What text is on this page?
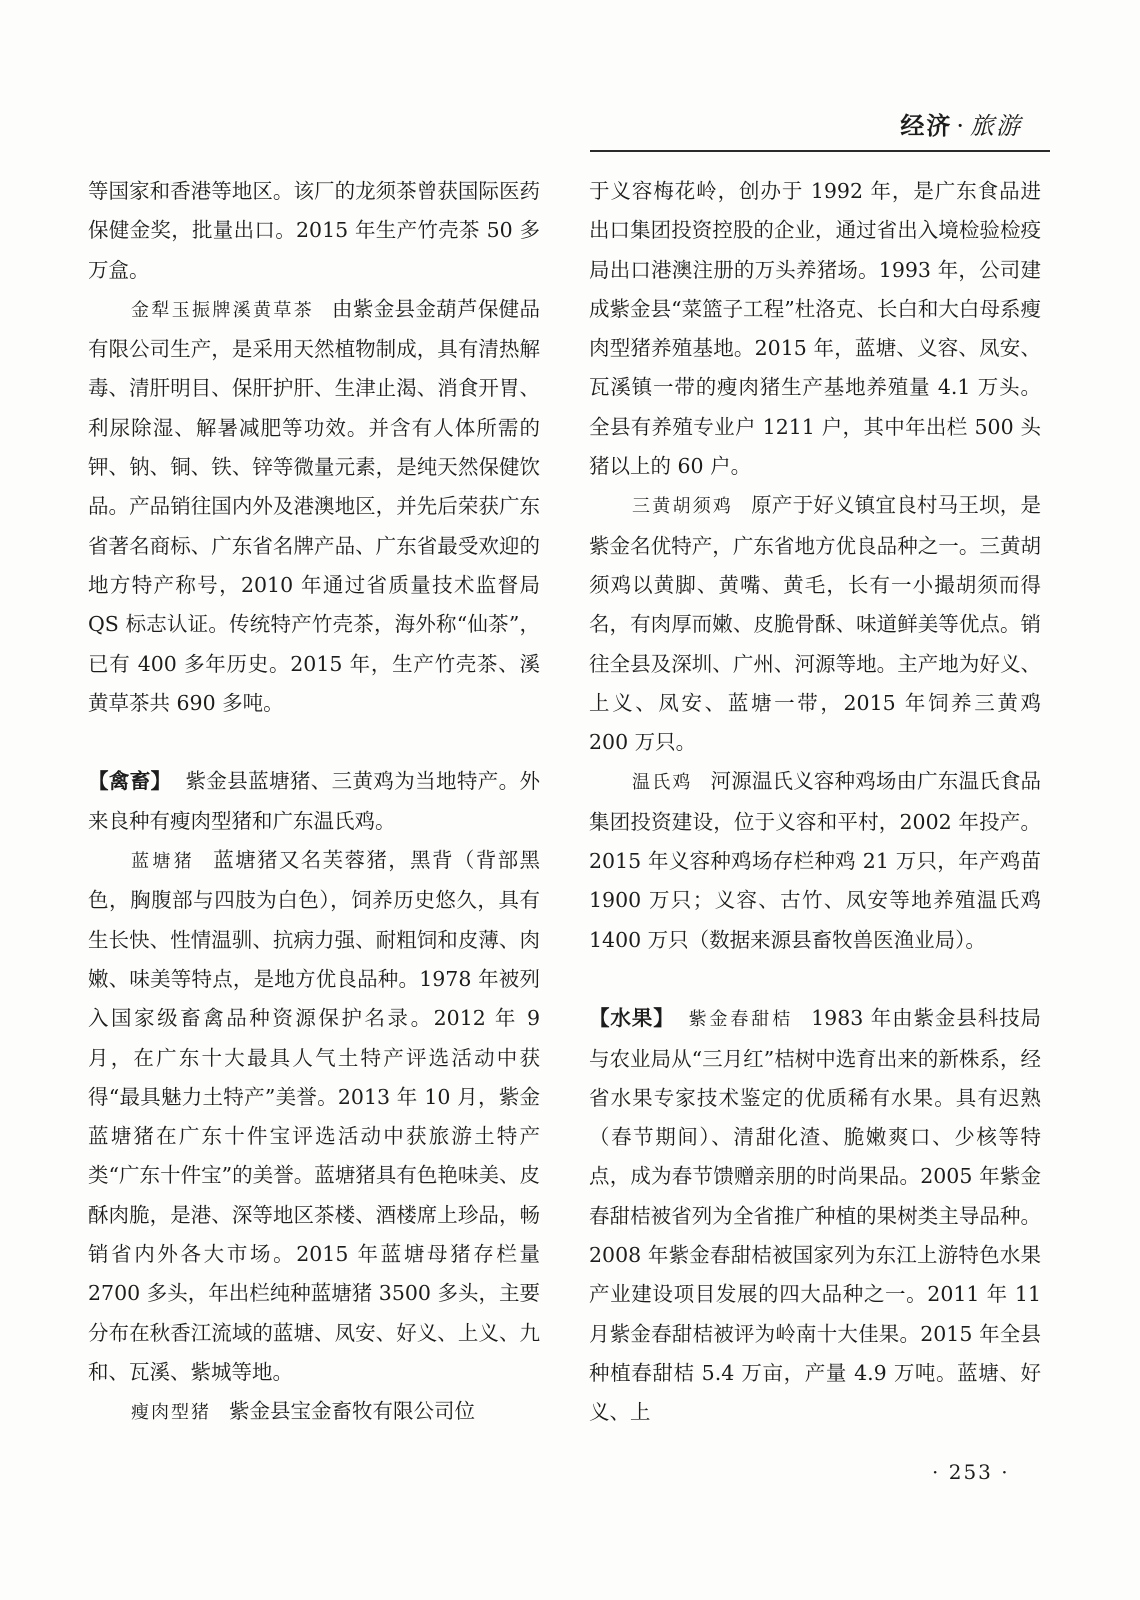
经济 · 旅游

等国家和香港等地区。该厂的龙须茶曾获国际医药保健金奖，批量出口。2015 年生产竹壳茶 50 多万盒。

金犁玉振牌溪黄草茶 由紫金县金葫芦保健品有限公司生产，是采用天然植物制成，具有清热解毒、清肝明目、保肝护肝、生津止渴、消食开胃、利尿除湿、解暑减肥等功效。并含有人体所需的钾、钠、铜、铁、锌等微量元素，是纯天然保健饮品。产品销往国内外及港澳地区，并先后荣获广东省著名商标、广东省名牌产品、广东省最受欢迎的地方特产称号，2010 年通过省质量技术监督局 QS 标志认证。传统特产竹壳茶，海外称“仙茶”，已有 400 多年历史。2015 年，生产竹壳茶、溪黄草茶共 690 多吨。

【禽畜】 紫金县蓝塘猪、三黄鸡为当地特产。外来良种有瘦肉型猪和广东温氏鸡。

蓝塘猪 蓝塘猪又名芙蓉猪，黑背（背部黑色，胸腹部与四肢为白色），饲养历史悠久，具有生长快、性情温驯、抗病力强、耐粗饲和皮薄、肉嫩、味美等特点，是地方优良品种。1978 年被列入国家级畜禽品种资源保护名录。2012 年 9 月，在广东十大最具人气土特产评选活动中获得“最具魅力土特产”美誉。2013 年 10 月，紫金蓝塘猪在广东十件宝评选活动中获旅游土特产类“广东十件宝”的美誉。蓝塘猪具有色艳味美、皮酥肉脆，是港、深等地区茶楼、酒楼席上珍品，畅销省内外各大市场。2015 年蓝塘母猪存栏量 2700 多头，年出栏纯种蓝塘猪 3500 多头，主要分布在秋香江流域的蓝塘、凤安、好义、上义、九和、瓦溪、紫城等地。

瘦肉型猪 紫金县宝金畜牧有限公司位

于义容梅花岭，创办于 1992 年，是广东食品进出口集团投资控股的企业，通过省出入境检验检疫局出口港澳注册的万头养猪场。1993 年，公司建成紫金县“菜篮子工程”杜洛克、长白和大白母系瘦肉型猪养殖基地。2015 年，蓝塘、义容、凤安、瓦溪镇一带的瘦肉猪生产基地养殖量 4.1 万头。全县有养殖专业户 1211 户，其中年出栏 500 头猪以上的 60 户。

三黄胡须鸡 原产于好义镇宜良村马王坝，是紫金名优特产，广东省地方优良品种之一。三黄胡须鸡以黄脚、黄嘴、黄毛，长有一小撮胡须而得名，有肉厚而嫩、皮脆骨酥、味道鲜美等优点。销往全县及深圳、广州、河源等地。主产地为好义、上义、凤安、蓝塘一带，2015 年饲养三黄鸡 200 万只。

温氏鸡 河源温氏义容种鸡场由广东温氏食品集团投资建设，位于义容和平村，2002 年投产。2015 年义容种鸡场存栏种鸡 21 万只，年产鸡苗 1900 万只；义容、古竹、凤安等地养殖温氏鸡 1400 万只（数据来源县畜牧兽医渔业局）。

【水果】 紫金春甜桔 1983 年由紫金县科技局与农业局从“三月红”桔树中选育出来的新株系，经省水果专家技术鉴定的优质稀有水果。具有迟熟（春节期间）、清甜化渣、脆嫩爽口、少核等特点，成为春节馈赠亲朋的时尚果品。2005 年紫金春甜桔被省列为全省推广种植的果树类主导品种。2008 年紫金春甜桔被国家列为东江上游特色水果产业建设项目发展的四大品种之一。2011 年 11 月紫金春甜桔被评为岭南十大佳果。2015 年全县种植春甜桔 5.4 万亩，产量 4.9 万吨。蓝塘、好义、上

· 253 ·
